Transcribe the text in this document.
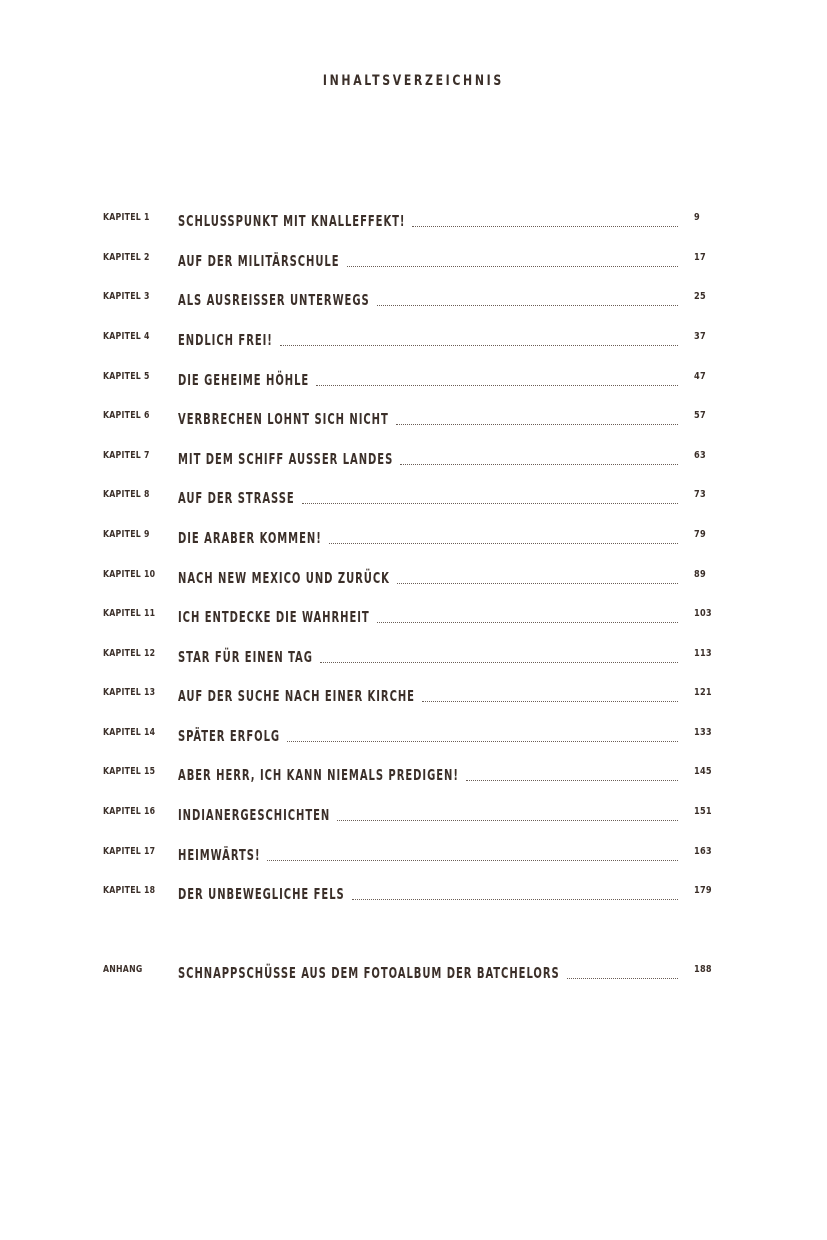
INHALTSVERZEICHNIS
KAPITEL 1 SCHLUSSPUNKT MIT KNALLEFFEKT!	9
KAPITEL 2 AUF DER MILITÄRSCHULE	17
KAPITEL 3 ALS AUSREISSER UNTERWEGS	25
KAPITEL 4 ENDLICH FREI!	37
KAPITEL 5 DIE GEHEIME HÖHLE	47
KAPITEL 6 VERBRECHEN LOHNT SICH NICHT	57
KAPITEL 7 MIT DEM SCHIFF AUSSER LANDES	63
KAPITEL 8 AUF DER STRASSE	73
KAPITEL 9 DIE ARABER KOMMEN!	79
KAPITEL 10 NACH NEW MEXICO UND ZURÜCK	89
KAPITEL 11 ICH ENTDECKE DIE WAHRHEIT	103
KAPITEL 12 STAR FÜR EINEN TAG	113
KAPITEL 13 AUF DER SUCHE NACH EINER KIRCHE	121
KAPITEL 14 SPÄTER ERFOLG	133
KAPITEL 15 ABER HERR, ICH KANN NIEMALS PREDIGEN!	145
KAPITEL 16 INDIANERGESCHICHTEN	151
KAPITEL 17 HEIMWÄRTS!	163
KAPITEL 18 DER UNBEWEGLICHE FELS	179
ANHANG SCHNAPPSCHÜSSE AUS DEM FOTOALBUM DER BATCHELORS	188
